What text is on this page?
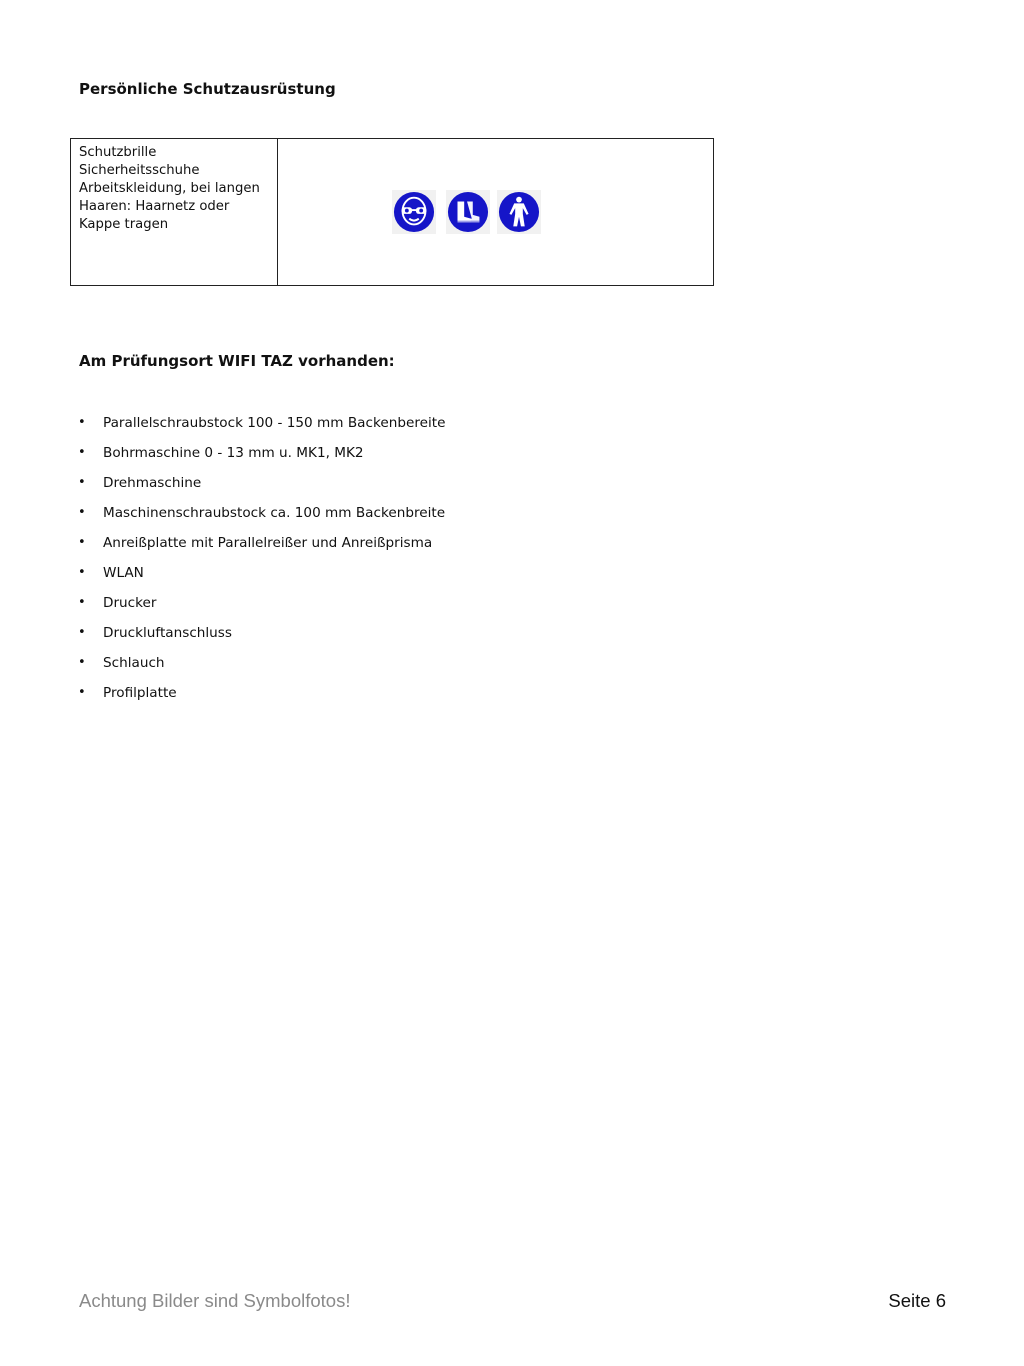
Persönliche Schutzausrüstung
Schutzbrille
Sicherheitsschuhe
Arbeitskleidung, bei langen
Haaren: Haarnetz oder
Kappe tragen
Am Prüfungsort WIFI TAZ vorhanden:
•	Parallelschraubstock 100 - 150 mm Backenbereite
•	Bohrmaschine 0 - 13 mm u. MK1, MK2
•	Drehmaschine
•	Maschinenschraubstock ca. 100 mm Backenbreite
•	Anreißplatte mit Parallelreißer und Anreißprisma
•	WLAN
•	Drucker
•	Druckluftanschluss
•	Schlauch
•	Profilplatte
Achtung Bilder sind Symbolfotos!	Seite 6
